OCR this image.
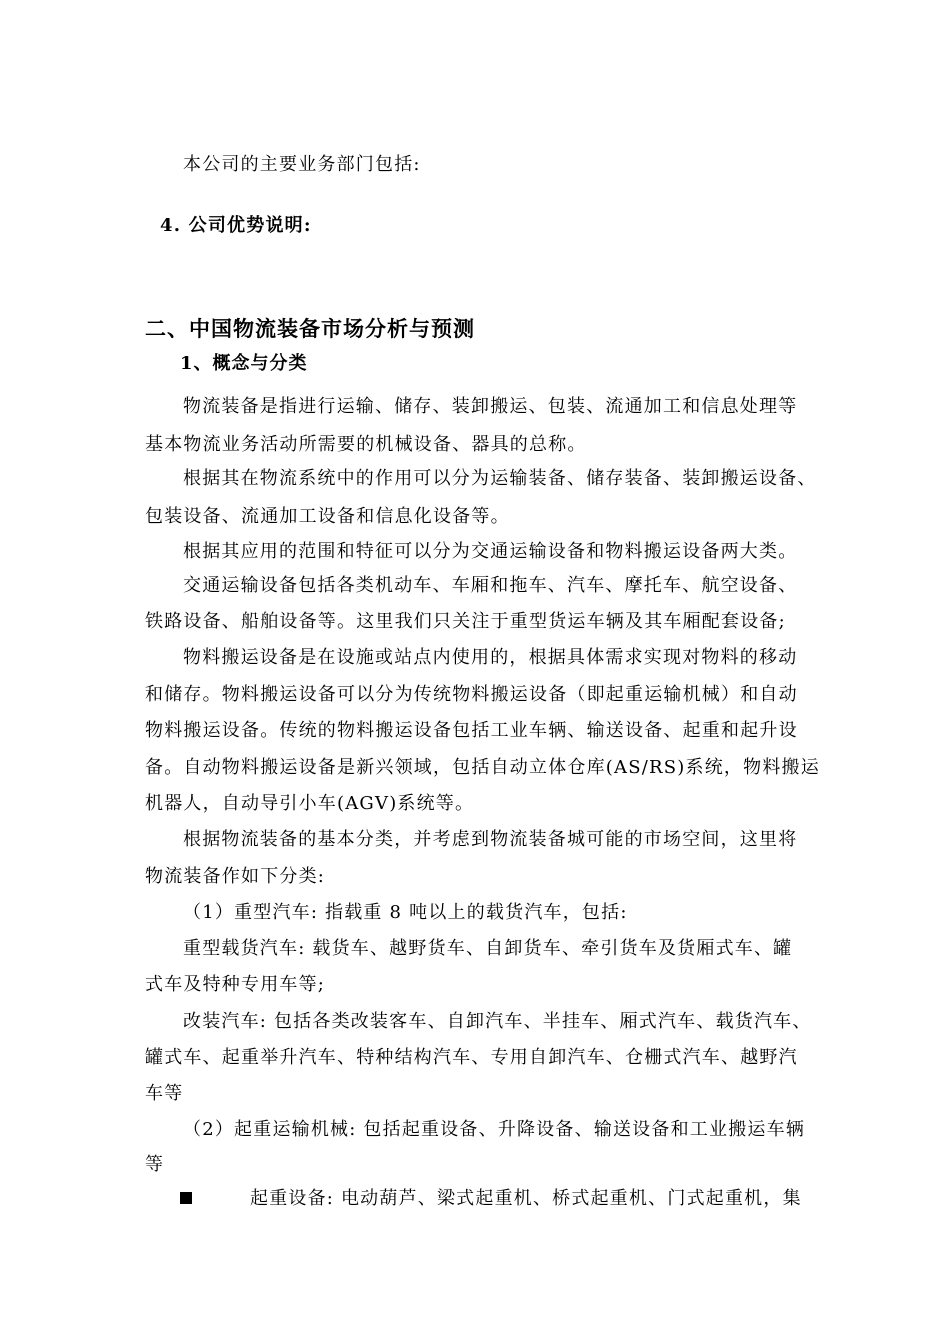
本公司的主要业务部门包括:
4. 公司优势说明:
二、中国物流装备市场分析与预测
1、概念与分类
物流装备是指进行运输、储存、装卸搬运、包装、流通加工和信息处理等
基本物流业务活动所需要的机械设备、器具的总称。
根据其在物流系统中的作用可以分为运输装备、储存装备、装卸搬运设备、
包装设备、流通加工设备和信息化设备等。
根据其应用的范围和特征可以分为交通运输设备和物料搬运设备两大类。
交通运输设备包括各类机动车、车厢和拖车、汽车、摩托车、航空设备、
铁路设备、船舶设备等。这里我们只关注于重型货运车辆及其车厢配套设备;
物料搬运设备是在设施或站点内使用的，根据具体需求实现对物料的移动
和储存。物料搬运设备可以分为传统物料搬运设备（即起重运输机械）和自动
物料搬运设备。传统的物料搬运设备包括工业车辆、输送设备、起重和起升设
备。自动物料搬运设备是新兴领域，包括自动立体仓库(AS/RS)系统，物料搬运
机器人，自动导引小车(AGV)系统等。
根据物流装备的基本分类，并考虑到物流装备城可能的市场空间，这里将
物流装备作如下分类:
（1）重型汽车: 指载重 8 吨以上的载货汽车，包括:
重型载货汽车: 载货车、越野货车、自卸货车、牵引货车及货厢式车、罐
式车及特种专用车等;
改装汽车: 包括各类改装客车、自卸汽车、半挂车、厢式汽车、载货汽车、
罐式车、起重举升汽车、特种结构汽车、专用自卸汽车、仓栅式汽车、越野汽
车等
（2）起重运输机械: 包括起重设备、升降设备、输送设备和工业搬运车辆
等
起重设备: 电动葫芦、梁式起重机、桥式起重机、门式起重机，集
